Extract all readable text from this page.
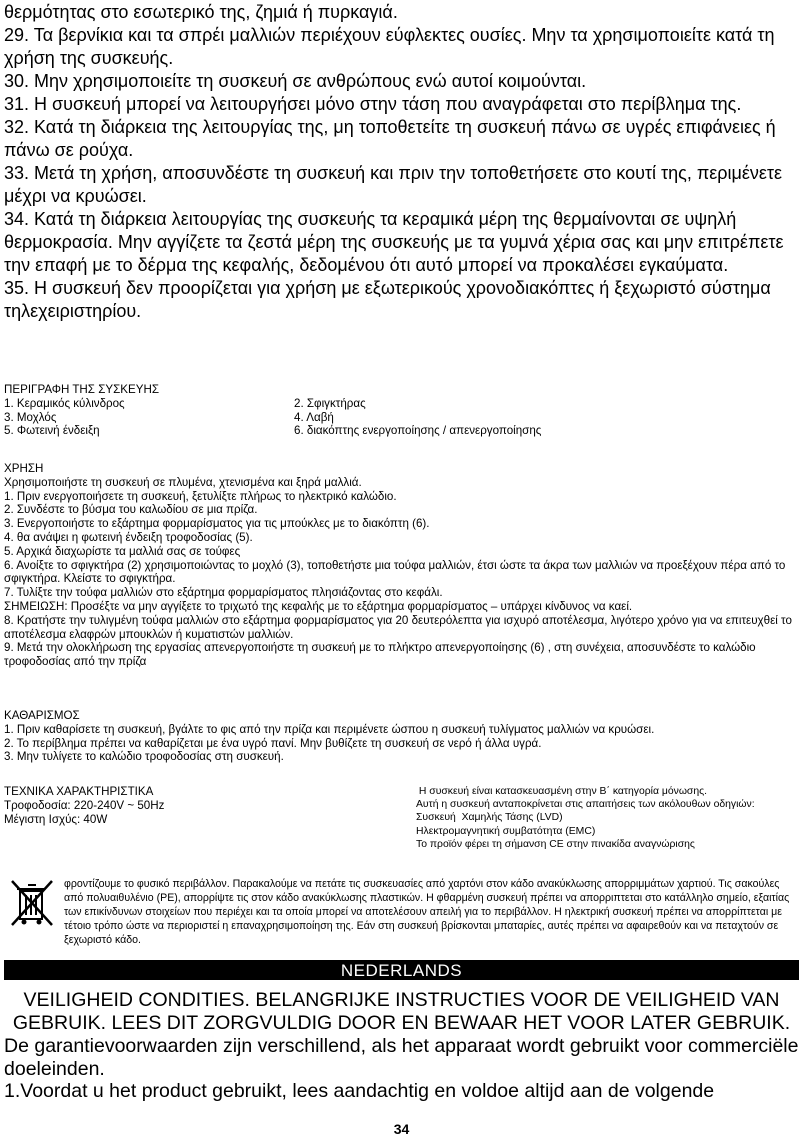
θερμότητας στο εσωτερικό της, ζημιά ή πυρκαγιά.

29. Τα βερνίκια και τα σπρέι μαλλιών περιέχουν εύφλεκτες ουσίες. Μην τα χρησιμοποιείτε κατά τη χρήση της συσκευής.

30. Μην χρησιμοποιείτε τη συσκευή σε ανθρώπους ενώ αυτοί κοιμούνται.

31. Η συσκευή μπορεί να λειτουργήσει μόνο στην τάση που αναγράφεται στο περίβλημα της.

32. Κατά τη διάρκεια της λειτουργίας της, μη τοποθετείτε τη συσκευή πάνω σε υγρές επιφάνειες ή πάνω σε ρούχα.

33. Μετά τη χρήση, αποσυνδέστε τη συσκευή και πριν την τοποθετήσετε στο κουτί της, περιμένετε μέχρι να κρυώσει.

34. Κατά τη διάρκεια λειτουργίας της συσκευής τα κεραμικά μέρη της θερμαίνονται σε υψηλή θερμοκρασία. Μην αγγίζετε τα ζεστά μέρη της συσκευής με τα γυμνά χέρια σας και μην επιτρέπετε την επαφή με το δέρμα της κεφαλής, δεδομένου ότι αυτό μπορεί να προκαλέσει εγκαύματα.

35. Η συσκευή δεν προορίζεται για χρήση με εξωτερικούς χρονοδιακόπτες ή ξεχωριστό σύστημα τηλεχειριστηρίου.

ΠΕΡΙΓΡΑΦΗ ΤΗΣ ΣΥΣΚΕΥΗΣ

1. Κεραμικός κύλινδρος

3. Μοχλός

5. Φωτεινή ένδειξη

2. Σφιγκτήρας

4. Λαβή

6. διακόπτης ενεργοποίησης / απενεργοποίησης

ΧΡΗΣΗ

Χρησιμοποιήστε τη συσκευή σε πλυμένα, χτενισμένα και ξηρά μαλλιά.

1. Πριν ενεργοποιήσετε τη συσκευή, ξετυλίξτε πλήρως το ηλεκτρικό καλώδιο.

2. Συνδέστε το βύσμα του καλωδίου σε μια πρίζα.

3. Ενεργοποιήστε το εξάρτημα φορμαρίσματος για τις μπούκλες με το διακόπτη (6).

4. θα ανάψει η φωτεινή ένδειξη τροφοδοσίας (5).

5. Αρχικά διαχωρίστε τα μαλλιά σας σε τούφες

6. Ανοίξτε το σφιγκτήρα (2) χρησιμοποιώντας το μοχλό (3), τοποθετήστε μια τούφα μαλλιών, έτσι ώστε τα άκρα των μαλλιών να προεξέχουν πέρα από το σφιγκτήρα. Κλείστε το σφιγκτήρα.

7. Τυλίξτε την τούφα μαλλιών στο εξάρτημα φορμαρίσματος πλησιάζοντας στο κεφάλι.

ΣΗΜΕΙΩΣΗ: Προσέξτε να μην αγγίξετε το τριχωτό της κεφαλής με το εξάρτημα φορμαρίσματος – υπάρχει κίνδυνος να καεί.

8. Κρατήστε την τυλιγμένη τούφα μαλλιών στο εξάρτημα φορμαρίσματος για 20 δευτερόλεπτα για ισχυρό αποτέλεσμα, λιγότερο χρόνο για να επιτευχθεί το αποτέλεσμα ελαφρών μπουκλών ή κυματιστών μαλλιών.

9. Μετά την ολοκλήρωση της εργασίας απενεργοποιήστε τη συσκευή με το πλήκτρο απενεργοποίησης (6) , στη συνέχεια, αποσυνδέστε το καλώδιο τροφοδοσίας από την πρίζα

ΚΑΘΑΡΙΣΜΟΣ

1. Πριν καθαρίσετε τη συσκευή, βγάλτε το φις από την πρίζα και περιμένετε ώσπου η συσκευή τυλίγματος μαλλιών να κρυώσει.

2. Το περίβλημα πρέπει να καθαρίζεται με ένα υγρό πανί. Μην βυθίζετε τη συσκευή σε νερό ή άλλα υγρά.

3. Μην τυλίγετε το καλώδιο τροφοδοσίας στη συσκευή.

ΤΕΧΝΙΚΑ ΧΑΡΑΚΤΗΡΙΣΤΙΚΑ

Τροφοδοσία: 220-240V ~ 50Hz

Μέγιστη Ισχύς: 40W

Η συσκευή είναι κατασκευασμένη στην Β΄ κατηγορία μόνωσης.

Αυτή η συσκευή ανταποκρίνεται στις απαιτήσεις των ακόλουθων οδηγιών:

Συσκευή  Χαμηλής Τάσης (LVD)

Ηλεκτρομαγνητική συμβατότητα (EMC)

Το προϊόν φέρει τη σήμανση CE στην πινακίδα αναγνώρισης

φροντίζουμε το φυσικό περιβάλλον. Παρακαλούμε να πετάτε τις συσκευασίες από χαρτόνι στον κάδο ανακύκλωσης απορριμμάτων χαρτιού. Τις σακούλες από πολυαιθυλένιο (PE), απορρίψτε τις στον κάδο ανακύκλωσης πλαστικών. Η φθαρμένη συσκευή πρέπει να απορριπτεται στο κατάλληλο σημείο, εξαιτίας των επικίνδυνων στοιχείων που περιέχει και τα οποία μπορεί να αποτελέσουν απειλή για το περιβάλλον. Η ηλεκτρική συσκευή πρέπει να απορρίπτεται με τέτοιο τρόπο ώστε να περιοριστεί η επαναχρησιμοποίηση της. Εάν στη συσκευή βρίσκονται μπαταρίες, αυτές πρέπει να αφαιρεθούν και να πεταχτούν σε ξεχωριστό κάδο.

NEDERLANDS

VEILIGHEID CONDITIES. BELANGRIJKE INSTRUCTIES VOOR DE VEILIGHEID VAN GEBRUIK. LEES DIT ZORGVULDIG DOOR EN BEWAAR HET VOOR LATER GEBRUIK.

De garantievoorwaarden zijn verschillend, als het apparaat wordt gebruikt voor commerciële doeleinden.

1.Voordat u het product gebruikt, lees aandachtig en voldoe altijd aan de volgende

34
